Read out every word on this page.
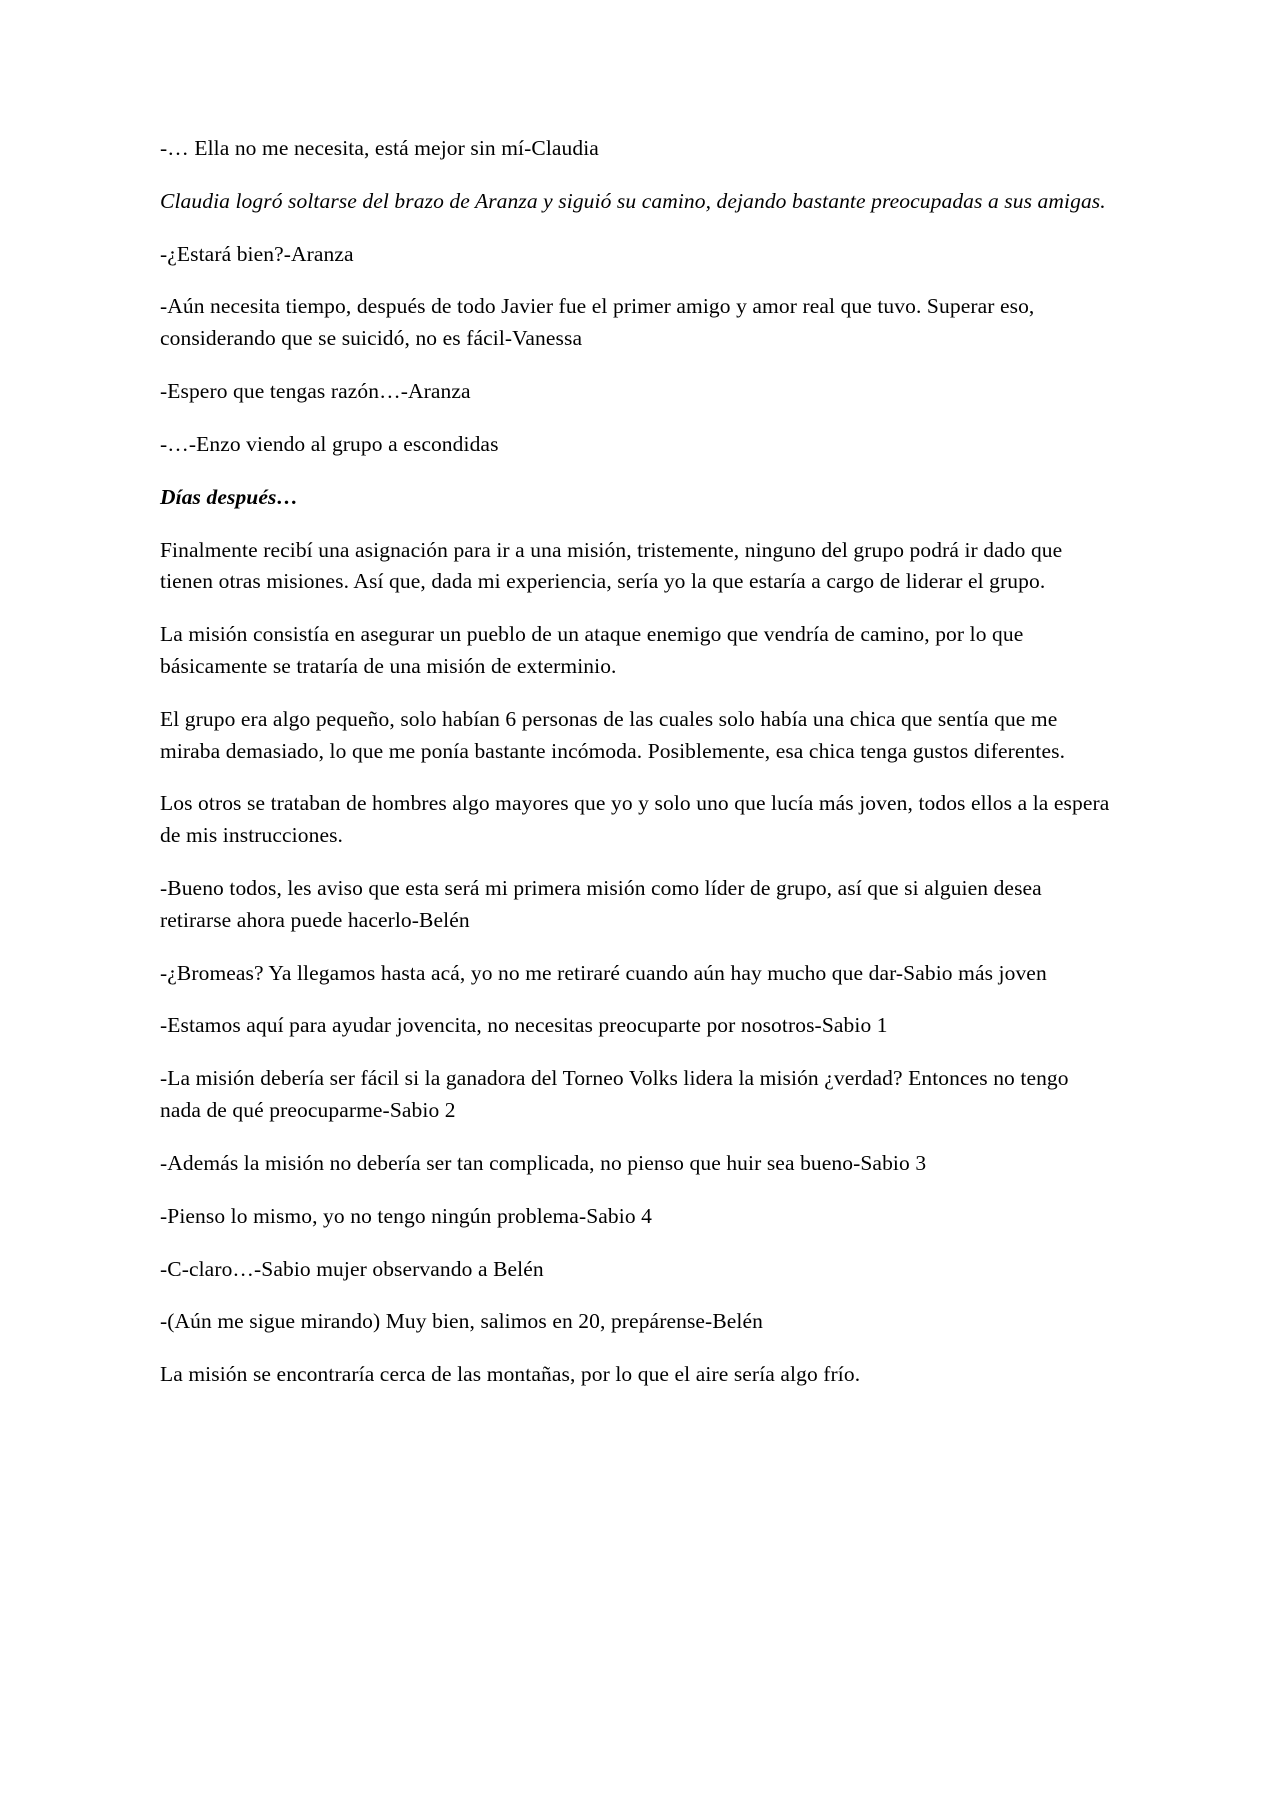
-… Ella no me necesita, está mejor sin mí-Claudia

Claudia logró soltarse del brazo de Aranza y siguió su camino, dejando bastante preocupadas a sus amigas.

-¿Estará bien?-Aranza

-Aún necesita tiempo, después de todo Javier fue el primer amigo y amor real que tuvo. Superar eso, considerando que se suicidó, no es fácil-Vanessa

-Espero que tengas razón…-Aranza

-…-Enzo viendo al grupo a escondidas

Días después…

Finalmente recibí una asignación para ir a una misión, tristemente, ninguno del grupo podrá ir dado que tienen otras misiones. Así que, dada mi experiencia, sería yo la que estaría a cargo de liderar el grupo.

La misión consistía en asegurar un pueblo de un ataque enemigo que vendría de camino, por lo que básicamente se trataría de una misión de exterminio.

El grupo era algo pequeño, solo habían 6 personas de las cuales solo había una chica que sentía que me miraba demasiado, lo que me ponía bastante incómoda. Posiblemente, esa chica tenga gustos diferentes.

Los otros se trataban de hombres algo mayores que yo y solo uno que lucía más joven, todos ellos a la espera de mis instrucciones.

-Bueno todos, les aviso que esta será mi primera misión como líder de grupo, así que si alguien desea retirarse ahora puede hacerlo-Belén

-¿Bromeas? Ya llegamos hasta acá, yo no me retiraré cuando aún hay mucho que dar-Sabio más joven

-Estamos aquí para ayudar jovencita, no necesitas preocuparte por nosotros-Sabio 1

-La misión debería ser fácil si la ganadora del Torneo Volks lidera la misión ¿verdad? Entonces no tengo nada de qué preocuparme-Sabio 2

-Además la misión no debería ser tan complicada, no pienso que huir sea bueno-Sabio 3

-Pienso lo mismo, yo no tengo ningún problema-Sabio 4

-C-claro…-Sabio mujer observando a Belén

-(Aún me sigue mirando) Muy bien, salimos en 20, prepárense-Belén

La misión se encontraría cerca de las montañas, por lo que el aire sería algo frío.
